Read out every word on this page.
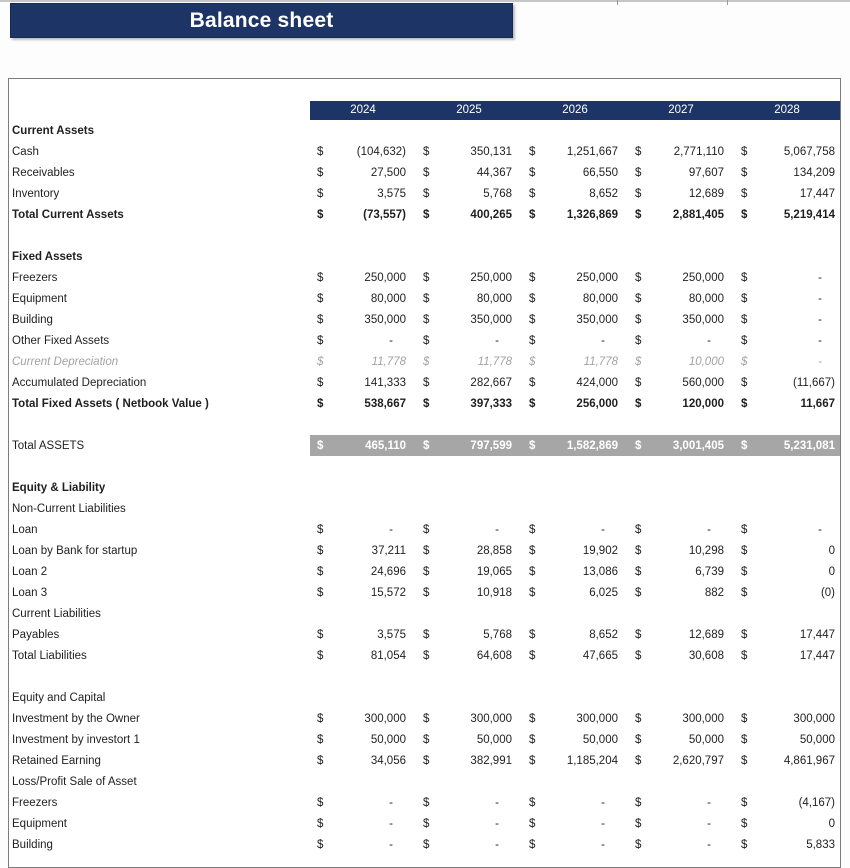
Balance sheet
2024	2025	2026	2027	2028
Current Assets
Cash	$	(104,632) $	350,131 $	1,251,667 $	2,771,110 $	5,067,758
Receivables	$	27,500 $	44,367 $	66,550 $	97,607 $	134,209
Inventory	$	3,575 $	5,768 $	8,652 $	12,689 $	17,447
Total Current Assets	$	(73,557) $	400,265 $	1,326,869 $	2,881,405 $	5,219,414
Fixed Assets
Freezers	$	250,000 $	250,000 $	250,000 $	250,000 $	-
Equipment	$	80,000 $	80,000 $	80,000 $	80,000 $	-
Building	$	350,000 $	350,000 $	350,000 $	350,000 $	-
Other Fixed Assets	$	-	$	-	$	-	$	-	$	-
Current Depreciation	$	11,778 $	11,778 $	11,778 $	10,000 $	-
Accumulated Depreciation	$	141,333 $	282,667 $	424,000 $	560,000 $	(11,667)
Total Fixed Assets ( Netbook Value )	$	538,667 $	397,333 $	256,000 $	120,000 $	11,667
Total ASSETS	$	465,110 $	797,599 $	1,582,869 $	3,001,405 $	5,231,081
Equity & Liability
Non-Current Liabilities
Loan	$	-	$	-	$	-	$	-	$	-
Loan by Bank for startup	$	37,211 $	28,858 $	19,902 $	10,298 $	0
Loan 2	$	24,696 $	19,065 $	13,086 $	6,739 $	0
Loan 3	$	15,572 $	10,918 $	6,025 $	882 $	(0)
Current Liabilities
Payables	$	3,575 $	5,768 $	8,652 $	12,689 $	17,447
Total Liabilities	$	81,054 $	64,608 $	47,665 $	30,608 $	17,447
Equity and Capital
Investment by the Owner	$	300,000 $	300,000 $	300,000 $	300,000 $	300,000
Investment by investort 1	$	50,000 $	50,000 $	50,000 $	50,000 $	50,000
Retained Earning	$	34,056 $	382,991 $	1,185,204 $	2,620,797 $	4,861,967
Loss/Profit Sale of Asset
Freezers	$	-	$	-	$	-	$	-	$	(4,167)
Equipment	$	-	$	-	$	-	$	-	$	0
Building	$	-	$	-	$	-	$	-	$	5,833
